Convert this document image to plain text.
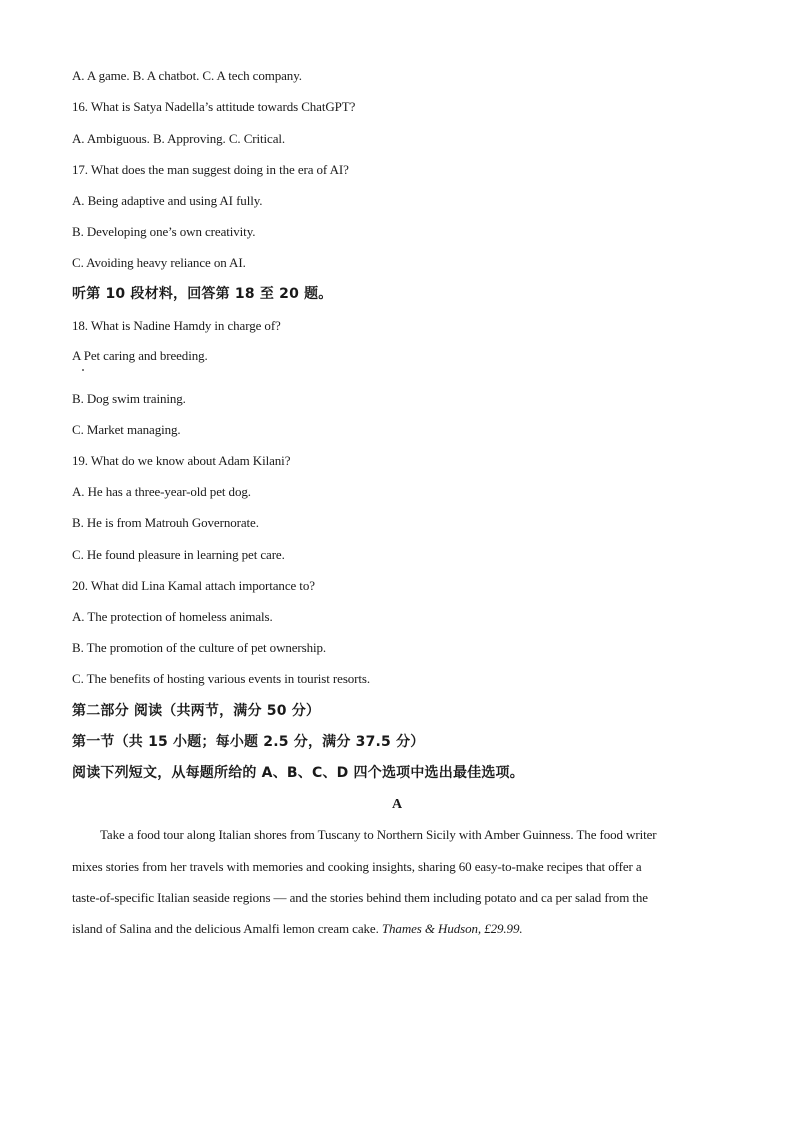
A. A game. B. A chatbot. C. A tech company.
16. What is Satya Nadella’s attitude towards ChatGPT?
A. Ambiguous. B. Approving. C. Critical.
17. What does the man suggest doing in the era of AI?
A. Being adaptive and using AI fully.
B. Developing one’s own creativity.
C. Avoiding heavy reliance on AI.
听第 10 段材料，回答第 18 至 20 题。
18. What is Nadine Hamdy in charge of?
A Pet caring and breeding.
B. Dog swim training.
C. Market managing.
19. What do we know about Adam Kilani?
A. He has a three-year-old pet dog.
B. He is from Matrouh Governorate.
C. He found pleasure in learning pet care.
20. What did Lina Kamal attach importance to?
A. The protection of homeless animals.
B. The promotion of the culture of pet ownership.
C. The benefits of hosting various events in tourist resorts.
第二部分 阅读（共两节，满分 50 分）
第一节（共 15 小题；每小题 2.5 分，满分 37.5 分）
阅读下列短文，从每题所给的 A、B、C、D 四个选项中选出最佳选项。
A
Take a food tour along Italian shores from Tuscany to Northern Sicily with Amber Guinness. The food writer
mixes stories from her travels with memories and cooking insights, sharing 60 easy-to-make recipes that offer a
taste-of-specific Italian seaside regions — and the stories behind them including potato and ca per salad from the
island of Salina and the delicious Amalfi lemon cream cake. Thames & Hudson, £29.99.
